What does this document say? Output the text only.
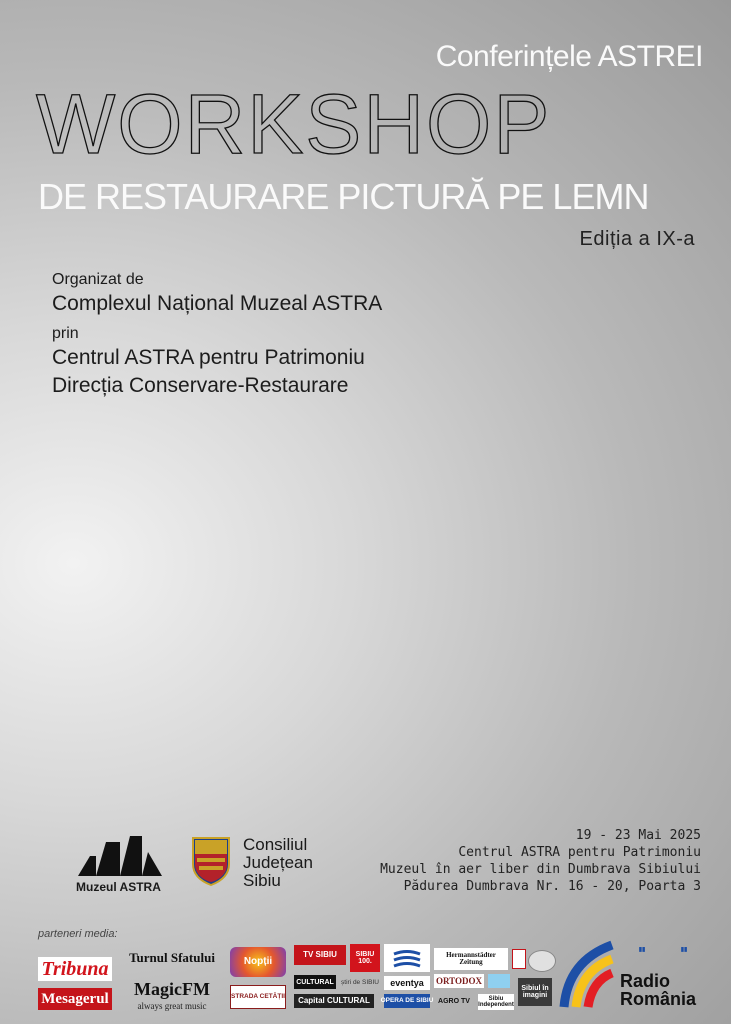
Conferințele ASTREI
WORKSHOP
DE RESTAURARE PICTURĂ PE LEMN
Ediția a IX-a
Organizat de
Complexul Național Muzeal ASTRA
prin
Centrul ASTRA pentru Patrimoniu
Direcția Conservare-Restaurare
Muzeul ASTRA
Consiliul
Județean
Sibiu
19 - 23 Mai 2025
Centrul ASTRA pentru Patrimoniu
Muzeul în aer liber din Dumbrava Sibiului
Pădurea Dumbrava Nr. 16 - 20, Poarta 3
parteneri media:
Tribuna
Mesagerul
Turnul Sfatului
MagicFM
always great music
Nopții
STRADA CETĂȚII
TV SIBIU	SIBIU 100.
CULTURAL	știri de SIBIU
Capital CULTURAL
eventya
OPERA DE SIBIU
Hermannstädter Zeitung
ORTODOX
AGRO TV	Sibiu Independent
Sibiul în imagini
▮▮	▮▮
Radio România
